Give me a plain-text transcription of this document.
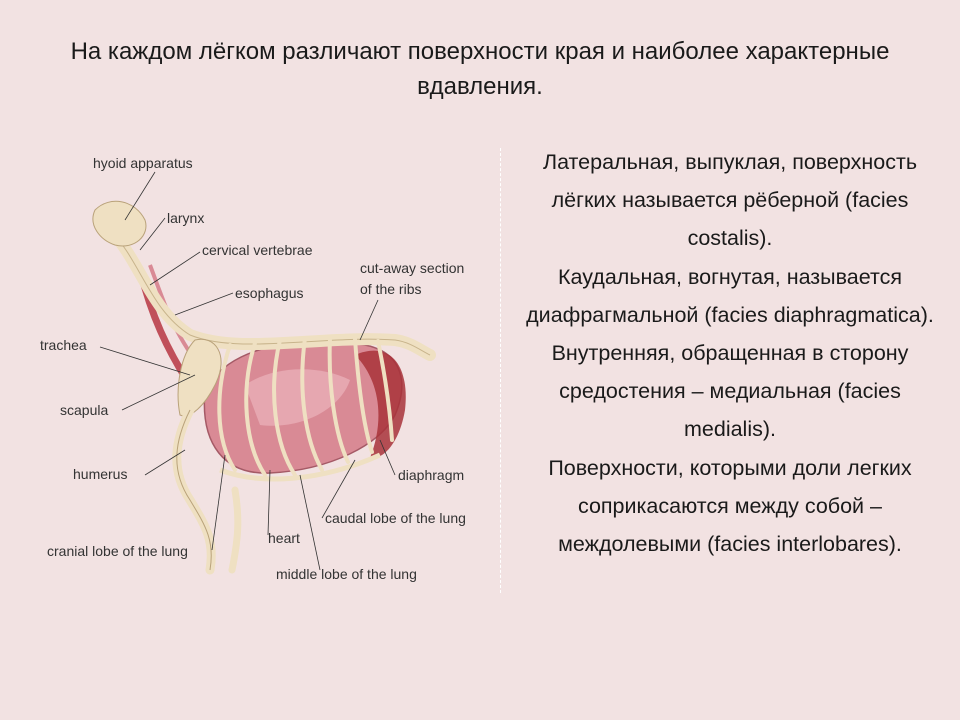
На каждом лёгком различают поверхности края и наиболее характерные вдавления.
hyoid apparatus
larynx
cervical vertebrae
cut-away section
of the ribs
esophagus
trachea
scapula
humerus	diaphragm
caudal lobe of the lung
heart
cranial lobe of the lung
middle lobe of the lung

Латеральная, выпуклая, поверхность лёгких называется рёберной (facies costalis).

Каудальная, вогнутая, называется диафрагмальной (facies diaphragmatica).

Внутренняя, обращенная в сторону средостения – медиальная (facies medialis).

Поверхности, которыми доли легких соприкасаются между собой –междолевыми (facies interlobares).
